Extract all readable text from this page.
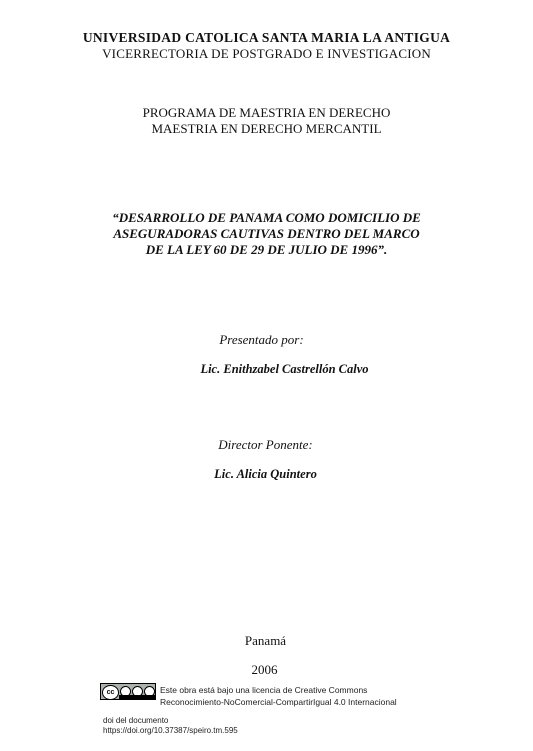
UNIVERSIDAD CATOLICA SANTA MARIA LA ANTIGUA
VICERRECTORIA DE POSTGRADO E INVESTIGACION
PROGRAMA DE MAESTRIA EN DERECHO
MAESTRIA EN DERECHO MERCANTIL
“DESARROLLO DE PANAMA COMO DOMICILIO DE
ASEGURADORAS CAUTIVAS DENTRO DEL MARCO
DE LA LEY 60 DE 29 DE JULIO DE 1996”.
Presentado por:
Lic. Enithzabel Castrellón Calvo
Director Ponente:
Lic. Alicia Quintero
Panamá
2006
cc	Este obra está bajo una licencia de Creative Commons
Reconocimiento-NoComercial-CompartirIgual 4.0 Internacional
doi del documento
https://doi.org/10.37387/speiro.tm.595
